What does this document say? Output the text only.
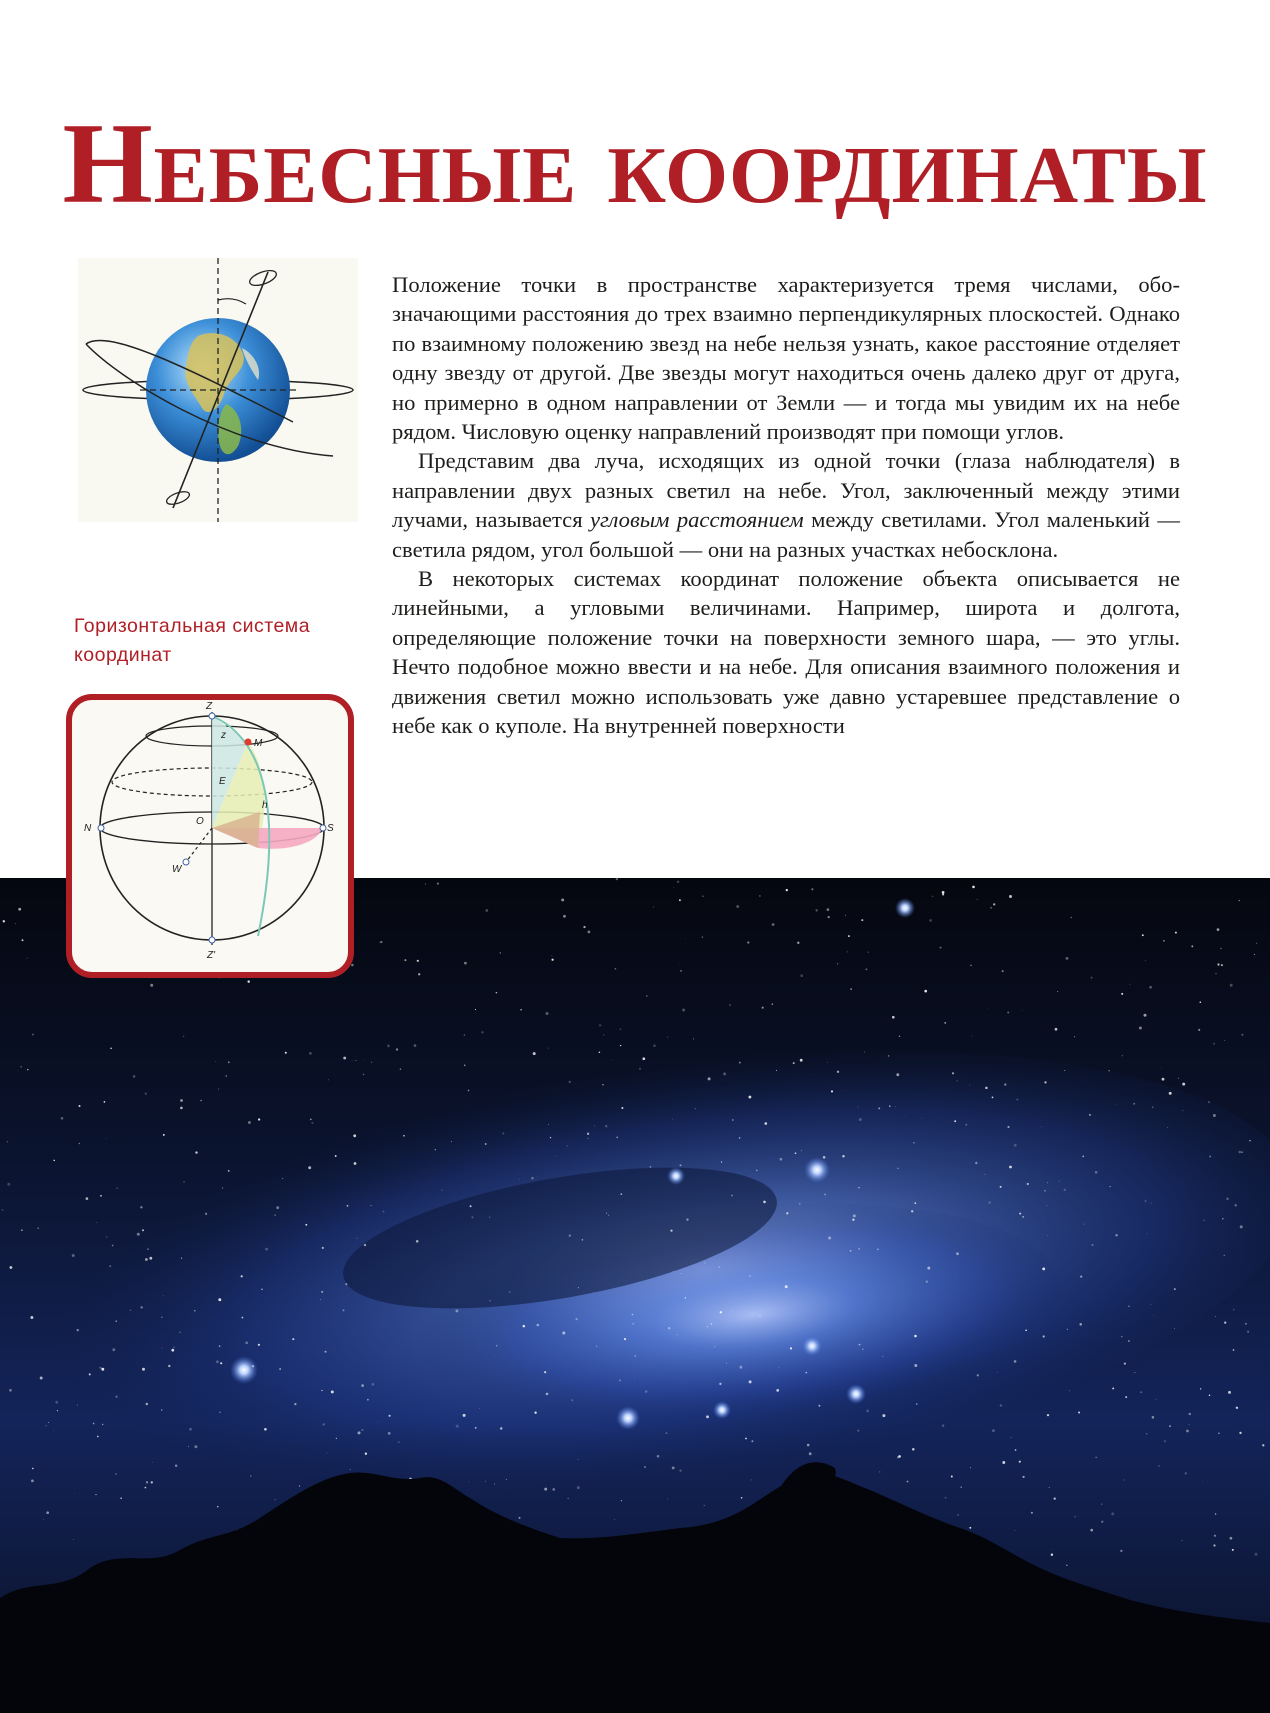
Небесные координаты
Горизонтальная система координат
Z
z
M
E
h
N
O
S
W
Z'

Положение точки в пространстве характеризуется тремя числами, обозначающими расстояния до трех взаимно перпендикулярных плоскостей. Однако по взаимному положению звезд на небе нельзя узнать, какое расстояние отделяет одну звезду от другой. Две звезды могут находиться очень далеко друг от друга, но примерно в одном направлении от Земли — и тогда мы увидим их на небе рядом. Числовую оценку направлений производят при помощи углов.

Представим два луча, исходящих из одной точки (глаза наблюдателя) в направлении двух разных светил на небе. Угол, заключенный между этими лучами, называется угловым расстоянием между светилами. Угол маленький — светила рядом, угол большой — они на разных участках небосклона.

В некоторых системах координат положение объекта описывается не линейными, а угловыми величинами. Например, широта и долгота, определяющие положение точки на поверхности земного шара, — это углы. Нечто подобное можно ввести и на небе. Для описания взаимного положения и движения светил можно использовать уже давно устаревшее представление о небе как о куполе. На внутренней поверхности
